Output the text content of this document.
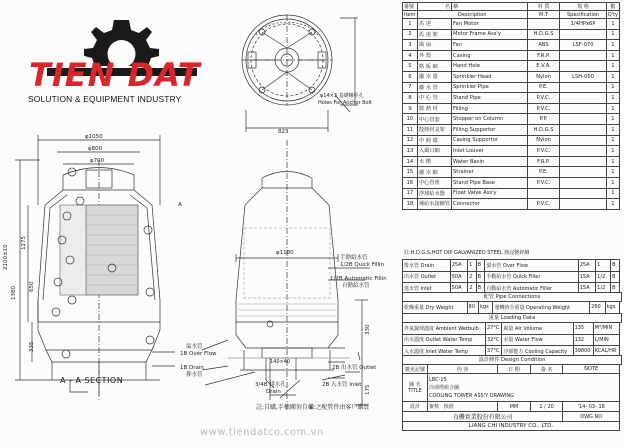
TIEN DAT
SOLUTION & EQUIPMENT INDUSTRY
φ1050
φ800
φ700
823
φ14×3 基礎螺栓孔
Holes For Anchor Bolt
φ1180
2100±10
1275
1380 650
335
330
175
手動給水管
1/2B Quick Fillin
1/2B Automatic Fillin
自動給水管
溢水管
1B Over Flow
1B Drain
排水管
2B 出水管 Outlet
2B 入水管 Inlet
3/4B 排水孔
Drain
140×40
A - A SECTION
A
註:自購,手槍閥須自備
②:之配管件由客户購買
www.tiendatco.com.vn
番號	名	稱	材 質	規 格	數
Item	Description		M.T	Specification	Q'ty
1	馬 達	Fan Motor		1/4HPx6P	1
2	馬 達 架	Motor Frame Ass'y	H.D.G.S		1
3	風 扇	Fan	ABS	LSF-070	1
4	外 殼	Casing	F.R.P.		1
5	格 板 網	Hand Hole	E.V.A.		1
6	灑 水 器	Sprinkler Head	Nylon	LSH-050	1
7	灑 水 管	Sprinkler Pipe	P.E.		1
8	中 心 管	Stand Pipe	P.V.C.		1
9	散 熱 材	Filling	P.V.C.		1
10	中心管套	Stopper on Column	P.P.		1
11	散熱材支架	Filling Supportor	H.D.G.S		1
12	中 間 環	Casing Supportor	Nylon		1
13	入風口網	Inlet Louver	P.V.C.		1
14	水 槽	Water Basin	F.R.P.		1
15	濾 水 網	Strainer	P.E.		1
16	中心管座	Stand Pipe Base	P.V.C.		1
17	浮球給水器	Float Valve Ass'y			1
18	補給水接續管	Connector	P.V.C.		1
註:H.D.G.S:HOT DIP GALVANIZED STEEL 熱浸鍍鋅鋼
排水管 Drain	25A	1	B	溢水管 Over Flow	25A	1	B
出水管 Outlet	50A	2	B	手動給水管 Quick Filler	15A	1/2	B
進水管 Inlet	50A	2	B	自動給水管 Automatic Filler	15A	1/2	B
配管 Pipe Connections
乾燥重量 Dry Weight	80	kgs	運轉時全重量 Operating Weight	260	kgs
重量 Loading Data
外氣濕球溫度 Ambient Wetbulb	27°C	風量 Air Volume	135	M³/MIN
出水溫度 Outlet Water Temp	32°C	水量 Water Flow	132	L/MIN
入水溫度 Inlet Water Temp	37°C	冷卻能力 Cooling Capacity	39800	KCAL/HR
設計條件 Design Condition
變更記號	內 容	日 期	簽 名	NOTE
圖 名 TITLE	LBC-15
冷卻塔組合圖
COOLING TOWER ASS'Y DRAWING			

設計	審核 核准	MM	1 / 20	'14- 03- 18
良機實業股份有限公司				DWG NO
LIANG CHI INDUSTRY CO., LTD.				
